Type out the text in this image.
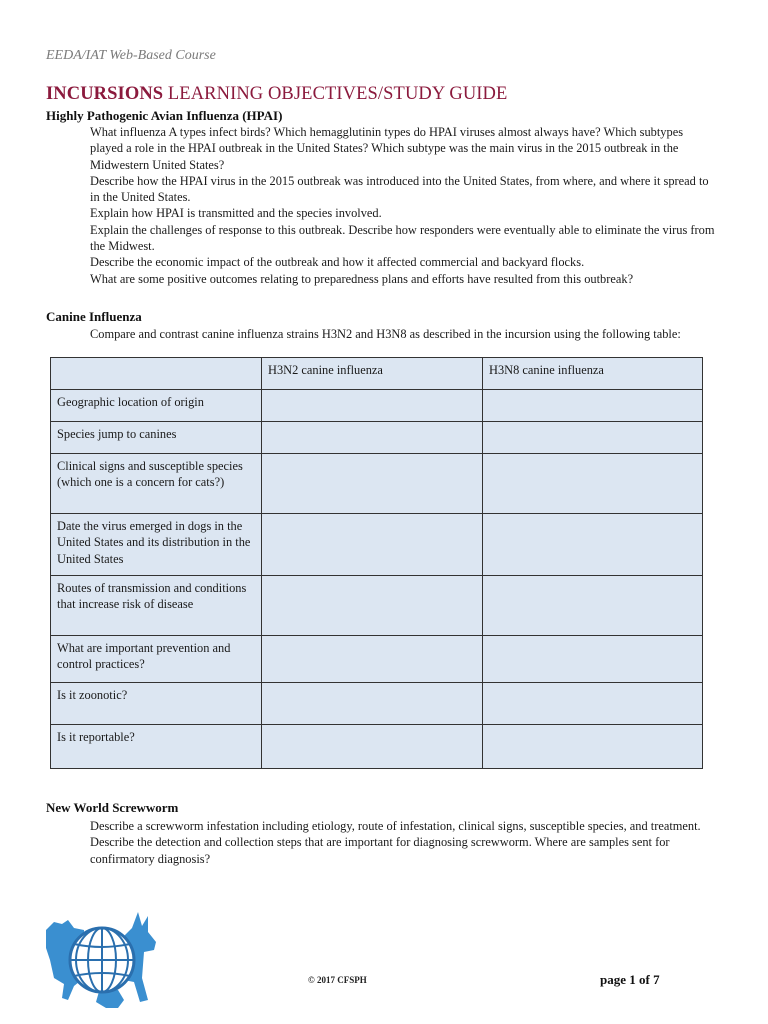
EEDA/IAT Web-Based Course
INCURSIONS LEARNING OBJECTIVES/STUDY GUIDE
Highly Pathogenic Avian Influenza (HPAI)
What influenza A types infect birds? Which hemagglutinin types do HPAI viruses almost always have? Which subtypes played a role in the HPAI outbreak in the United States? Which subtype was the main virus in the 2015 outbreak in the Midwestern United States?
Describe how the HPAI virus in the 2015 outbreak was introduced into the United States, from where, and where it spread to in the United States.
Explain how HPAI is transmitted and the species involved.
Explain the challenges of response to this outbreak. Describe how responders were eventually able to eliminate the virus from the Midwest.
Describe the economic impact of the outbreak and how it affected commercial and backyard flocks.
What are some positive outcomes relating to preparedness plans and efforts have resulted from this outbreak?
Canine Influenza
Compare and contrast canine influenza strains H3N2 and H3N8 as described in the incursion using the following table:
	H3N2 canine influenza	H3N8 canine influenza
Geographic location of origin		
Species jump to canines		
Clinical signs and susceptible species (which one is a concern for cats?)		
Date the virus emerged in dogs in the United States and its distribution in the United States		
Routes of transmission and conditions that increase risk of disease		
What are important prevention and control practices?		
Is it zoonotic?		
Is it reportable?		
New World Screwworm
Describe a screwworm infestation including etiology, route of infestation, clinical signs, susceptible species, and treatment.
Describe the detection and collection steps that are important for diagnosing screwworm. Where are samples sent for confirmatory diagnosis?
© 2017 CFSPH	page 1 of 7
